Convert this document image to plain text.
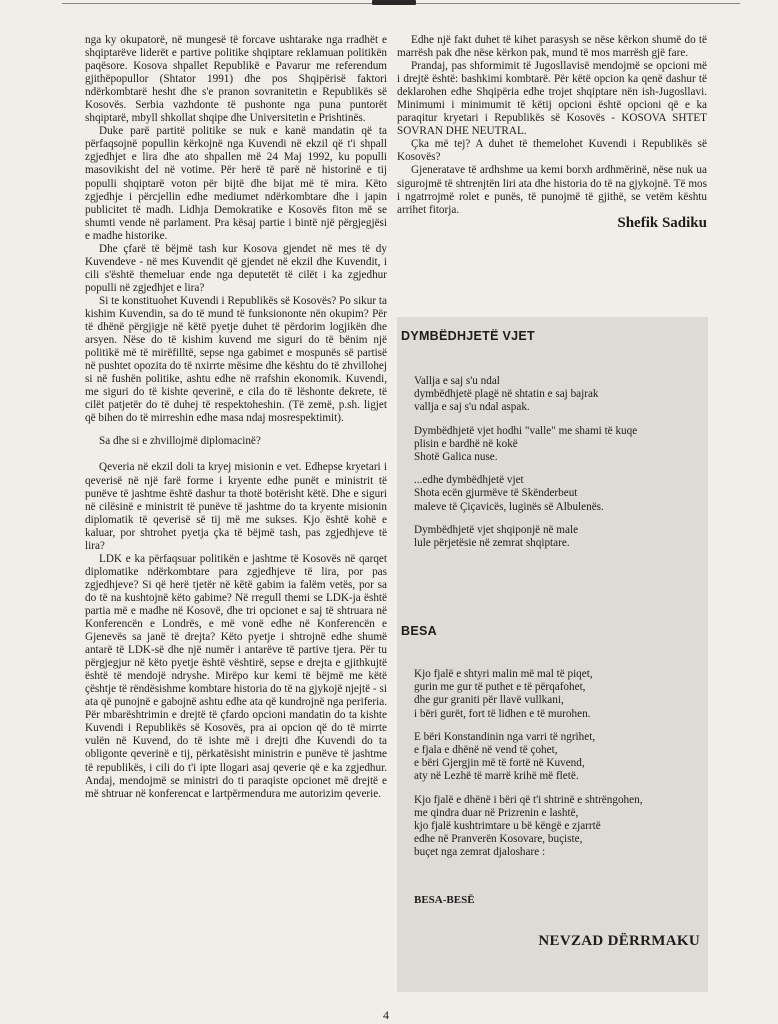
nga ky okupatorë, në mungesë të forcave ushtarake nga rradhët e shqiptarëve liderët e partive politike shqiptare reklamuan politikën paqësore. Kosova shpallet Republikë e Pavarur me referendum gjithëpopullor (Shtator 1991) dhe pos Shqipërisë faktori ndërkombtarë hesht dhe s'e pranon sovranitetin e Republikës së Kosovës. Serbia vazhdonte të pushonte nga puna puntorët shqiptarë, mbyll shkollat shqipe dhe Universitetin e Prishtinës.

Duke parë partitë politike se nuk e kanë mandatin që ta përfaqsojnë popullin kërkojnë nga Kuvendi në ekzil që t'i shpall zgjedhjet e lira dhe ato shpallen më 24 Maj 1992, ku populli masovikisht del në votime. Për herë të parë në historinë e tij populli shqiptarë voton për bijtë dhe bijat më të mira. Këto zgjedhje i përcjellin edhe mediumet ndërkombtare dhe i japin publicitet të madh. Lidhja Demokratike e Kosovës fiton më se shumti vende në parlament. Pra kësaj partie i bintë një përgjegjësi e madhe historike.

Dhe çfarë të bëjmë tash kur Kosova gjendet në mes të dy Kuvendeve - në mes Kuvendit që gjendet në ekzil dhe Kuvendit, i cili s'është themeluar ende nga deputetët të cilët i ka zgjedhur populli në zgjedhjet e lira?

Si te konstituohet Kuvendi i Republikës së Kosovës? Po sikur ta kishim Kuvendin, sa do të mund të funksiononte nën okupim? Për të dhënë përgjigje në këtë pyetje duhet të përdorim logjikën dhe arsyen. Nëse do të kishim kuvend me siguri do të bënim një politikë më të mirëfilltë, sepse nga gabimet e mospunës së partisë në pushtet opozita do të nxirrte mësime dhe kështu do të zhvillohej si në fushën politike, ashtu edhe në rrafshin ekonomik. Kuvendi, me siguri do të kishte qeverinë, e cila do të lëshonte dekrete, të cilët patjetër do të duhej të respektoheshin. (Të zemë, p.sh. ligjet që bihen do të mirreshin edhe masa ndaj mosrespektimit).

Sa dhe si e zhvillojmë diplomacinë?

Qeveria në ekzil doli ta kryej misionin e vet. Edhepse kryetari i qeverisë në një farë forme i kryente edhe punët e ministrit të punëve të jashtme është dashur ta thotë botërisht këtë. Dhe e siguri në cilësinë e ministrit të punëve të jashtme do ta kryente misionin diplomatik të qeverisë së tij më me sukses. Kjo është kohë e kaluar, por shtrohet pyetja çka të bëjmë tash, pas zgjedhjeve të lira?

LDK e ka përfaqsuar politikën e jashtme të Kosovës në qarqet diplomatike ndërkombtare para zgjedhjeve të lira, por pas zgjedhjeve? Si që herë tjetër në këtë gabim ia falëm vetës, por sa do të na kushtojnë këto gabime? Në rregull themi se LDK-ja është partia më e madhe në Kosovë, dhe tri opcionet e saj të shtruara në Konferencën e Londrës, e më vonë edhe në Konferencën e Gjenevës sa janë të drejta? Këto pyetje i shtrojnë edhe shumë antarë të LDK-së dhe një numër i antarëve të partive tjera. Për tu përgjegjur në këto pyetje është vështirë, sepse e drejta e gjithkujtë është të mendojë ndryshe. Mirëpo kur kemi të bëjmë me këtë çështje të rëndësishme kombtare historia do të na gjykojë njejtë - si ata që punojnë e gabojnë ashtu edhe ata që kundrojnë nga periferia. Për mbarështrimin e drejtë të çfardo opcioni mandatin do ta kishte Kuvendi i Republikës së Kosovës, pra ai opcion që do të mirrte vulën në Kuvend, do të ishte më i drejti dhe Kuvendi do ta obligonte qeverinë e tij, përkatësisht ministrin e punëve të jashtme të republikës, i cili do t'i ipte llogari asaj qeverie që e ka zgjedhur. Andaj, mendojmë se ministri do ti paraqiste opcionet më drejtë e më shtruar në konferencat e lartpërmendura me autorizim qeverie.

Edhe një fakt duhet të kihet parasysh se nëse kërkon shumë do të marrësh pak dhe nëse kërkon pak, mund të mos marrësh gjë fare.

Prandaj, pas shformimit të Jugosllavisë mendojmë se opcioni më i drejtë është: bashkimi kombtarë. Për këtë opcion ka qenë dashur të deklarohen edhe Shqipëria edhe trojet shqiptare nën ish-Jugosllavi. Minimumi i minimumit të këtij opcioni është opcioni që e ka paraqitur kryetari i Republikës së Kosovës - KOSOVA SHTET SOVRAN DHE NEUTRAL.

Çka më tej? A duhet të themelohet Kuvendi i Republikës së Kosovës?

Gjeneratave të ardhshme ua kemi borxh ardhmërinë, nëse nuk ua sigurojmë të shtrenjtën liri ata dhe historia do të na gjykojnë. Të mos i ngatrrojmë rolet e punës, të punojmë të gjithë, se vetëm kështu arrihet fitorja.

Shefik Sadiku

DYMBËDHJETË VJET
Vallja e saj s'u ndal
dymbëdhjetë plagë në shtatin e saj bajrak
vallja e saj s'u ndal aspak.
Dymbëdhjetë vjet hodhi "valle" me shami të kuqe
plisin e bardhë në kokë
Shotë Galica nuse.
...edhe dymbëdhjetë vjet
Shota ecën gjurmëve të Skënderbeut
maleve të Çiçavicës, luginës së Albulenës.
Dymbëdhjetë vjet shqiponjë në male
lule përjetësie në zemrat shqiptare.
BESA
Kjo fjalë e shtyri malin më mal të piqet,
gurin me gur të puthet e të përqafohet,
dhe gur graniti për llavë vullkani,
i bëri gurët, fort të lidhen e të murohen.
E bëri Konstandinin nga varri të ngrihet,
e fjala e dhënë në vend të çohet,
e bëri Gjergjin më të fortë në Kuvend,
aty në Lezhë të marrë krihë më fletë.
Kjo fjalë e dhënë i bëri që t'i shtrinë e shtrëngohen,
me qindra duar në Prizrenin e lashtë,
kjo fjalë kushtrimtare u bë këngë e zjarrtë
edhe në Pranverën Kosovare, buçiste,
buçet nga zemrat djaloshare :
BESA-BESË
NEVZAD DËRRMAKU
4
